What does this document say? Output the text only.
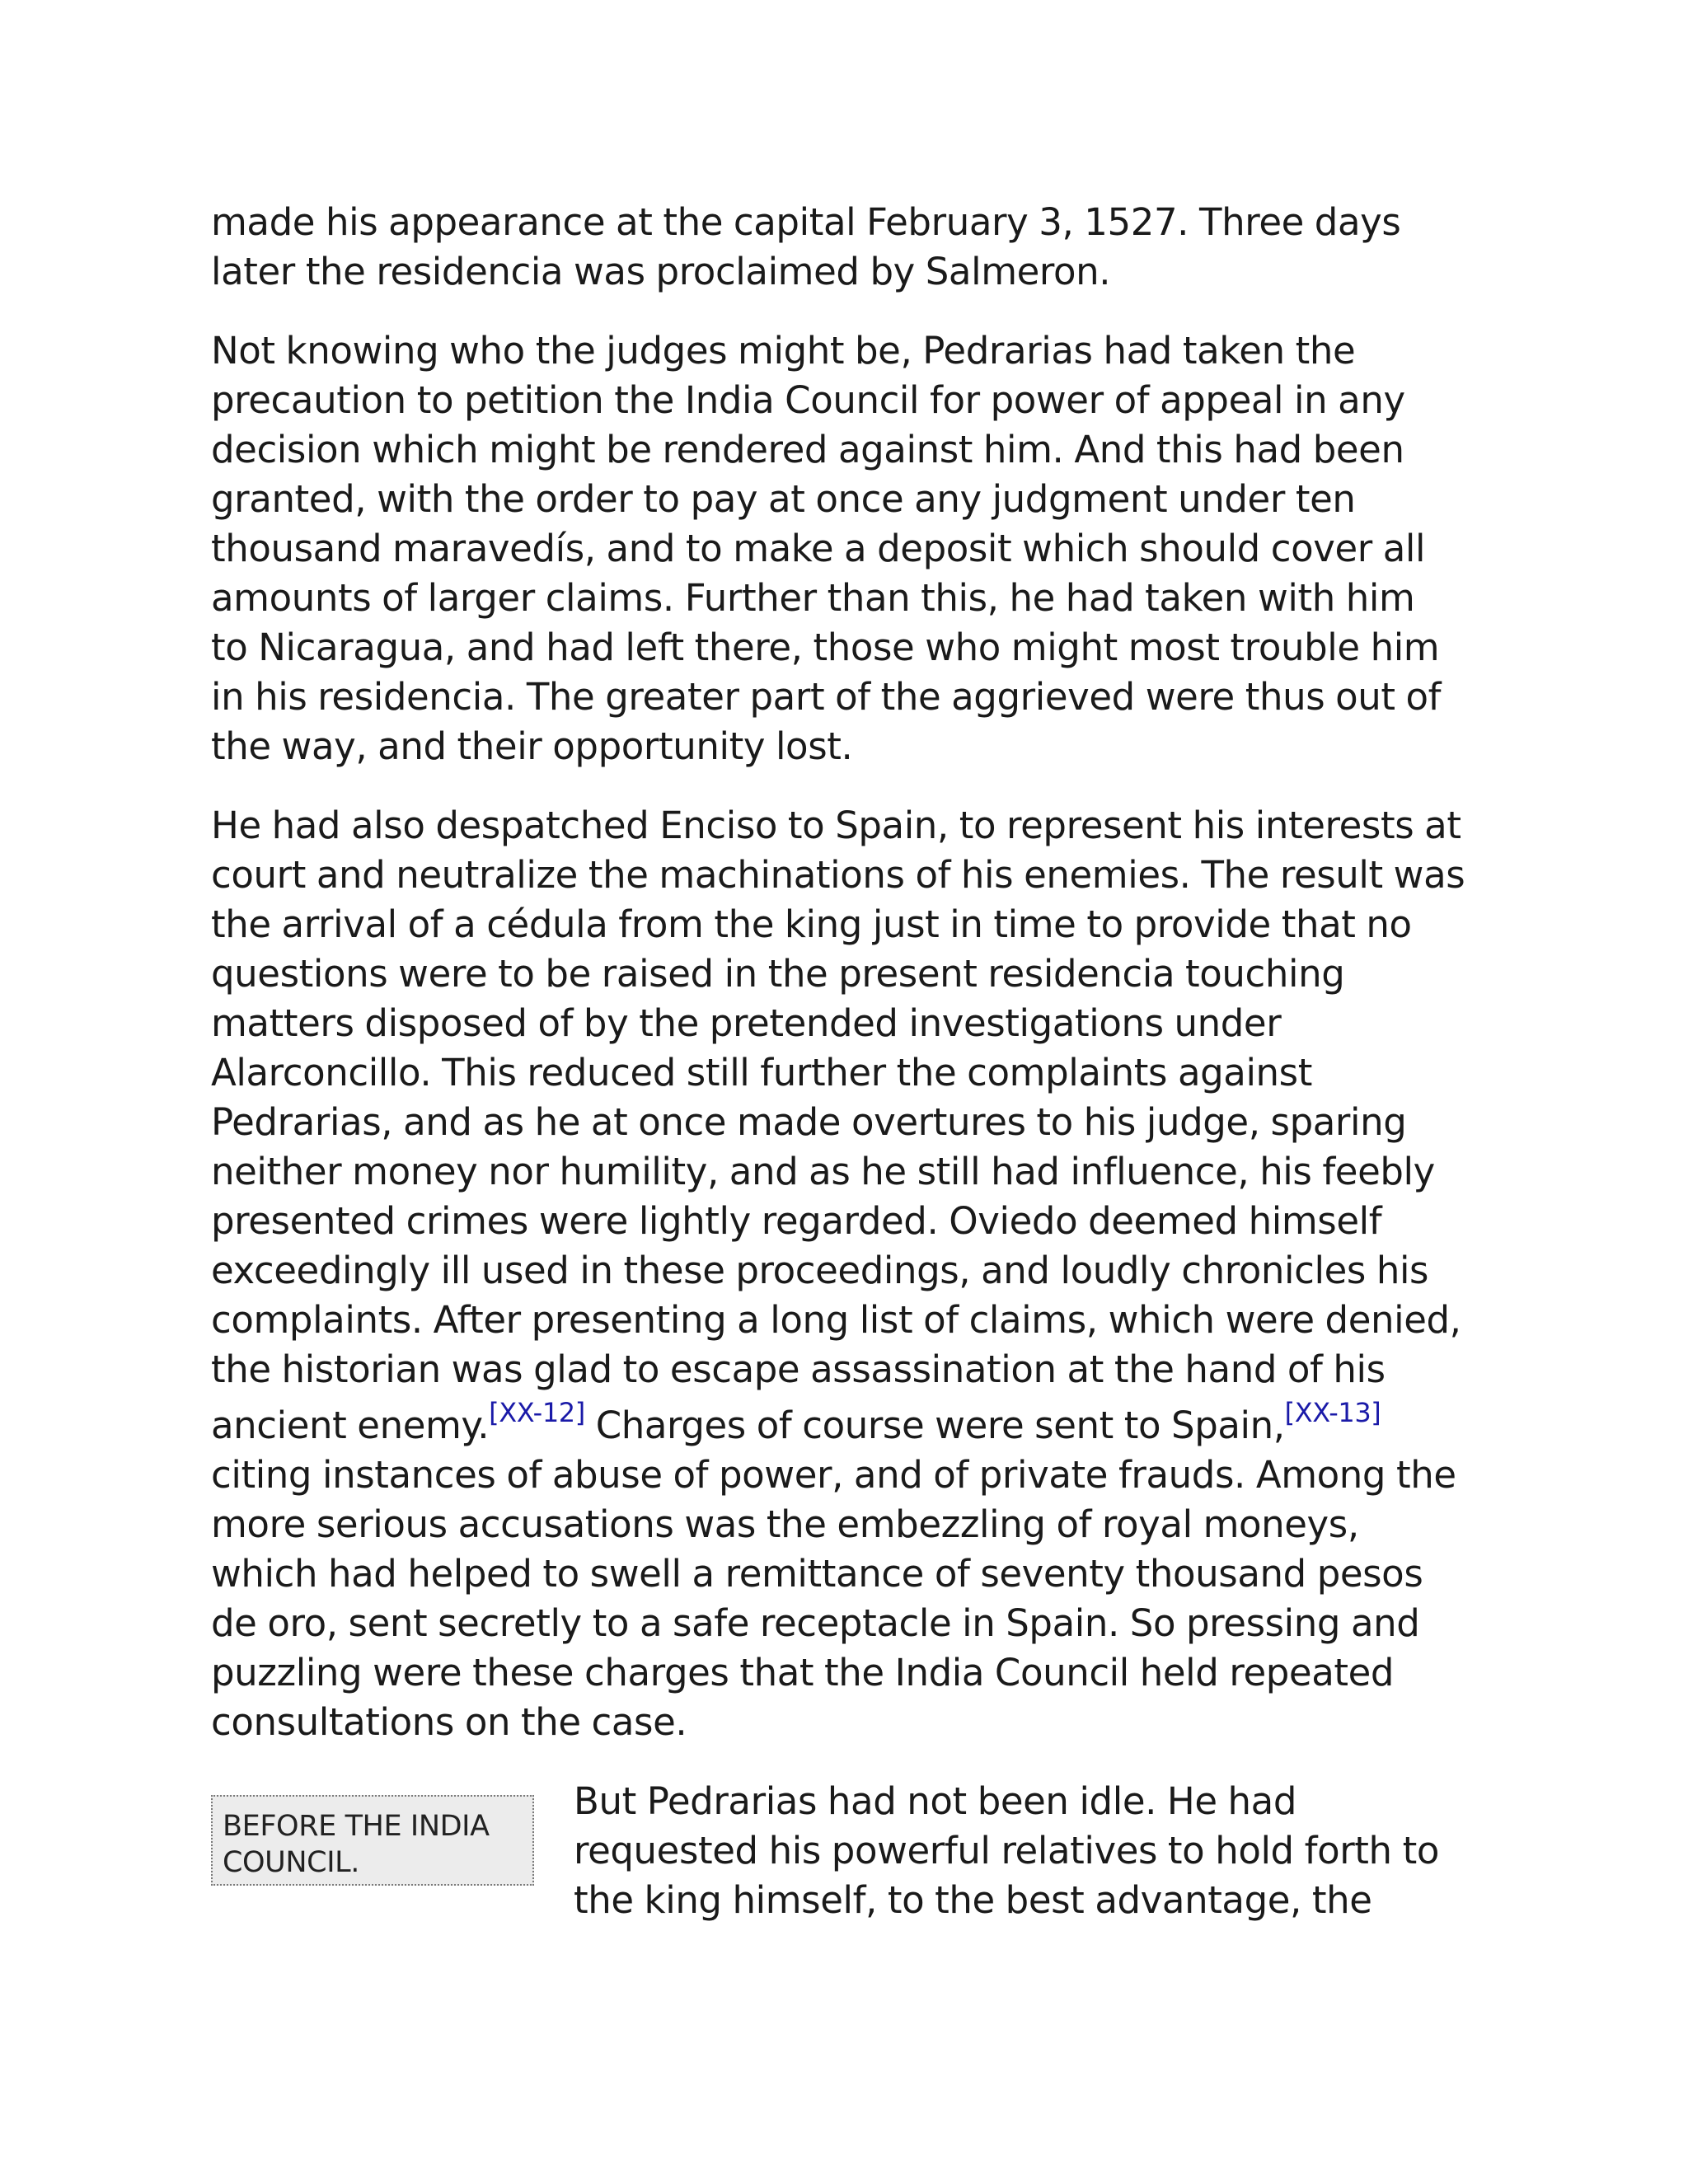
made his appearance at the capital February 3, 1527. Three days
later the residencia was proclaimed by Salmeron.

Not knowing who the judges might be, Pedrarias had taken the
precaution to petition the India Council for power of appeal in any
decision which might be rendered against him. And this had been
granted, with the order to pay at once any judgment under ten
thousand maravedís, and to make a deposit which should cover all
amounts of larger claims. Further than this, he had taken with him
to Nicaragua, and had left there, those who might most trouble him
in his residencia. The greater part of the aggrieved were thus out of
the way, and their opportunity lost.

He had also despatched Enciso to Spain, to represent his interests at
court and neutralize the machinations of his enemies. The result was
the arrival of a cédula from the king just in time to provide that no
questions were to be raised in the present residencia touching
matters disposed of by the pretended investigations under
Alarconcillo. This reduced still further the complaints against
Pedrarias, and as he at once made overtures to his judge, sparing
neither money nor humility, and as he still had influence, his feebly
presented crimes were lightly regarded. Oviedo deemed himself
exceedingly ill used in these proceedings, and loudly chronicles his
complaints. After presenting a long list of claims, which were denied,
the historian was glad to escape assassination at the hand of his
ancient enemy.[XX-12] Charges of course were sent to Spain,[XX-13]
citing instances of abuse of power, and of private frauds. Among the
more serious accusations was the embezzling of royal moneys,
which had helped to swell a remittance of seventy thousand pesos
de oro, sent secretly to a safe receptacle in Spain. So pressing and
puzzling were these charges that the India Council held repeated
consultations on the case.

BEFORE THE INDIA
COUNCIL.

But Pedrarias had not been idle. He had
requested his powerful relatives to hold forth to
the king himself, to the best advantage, the
